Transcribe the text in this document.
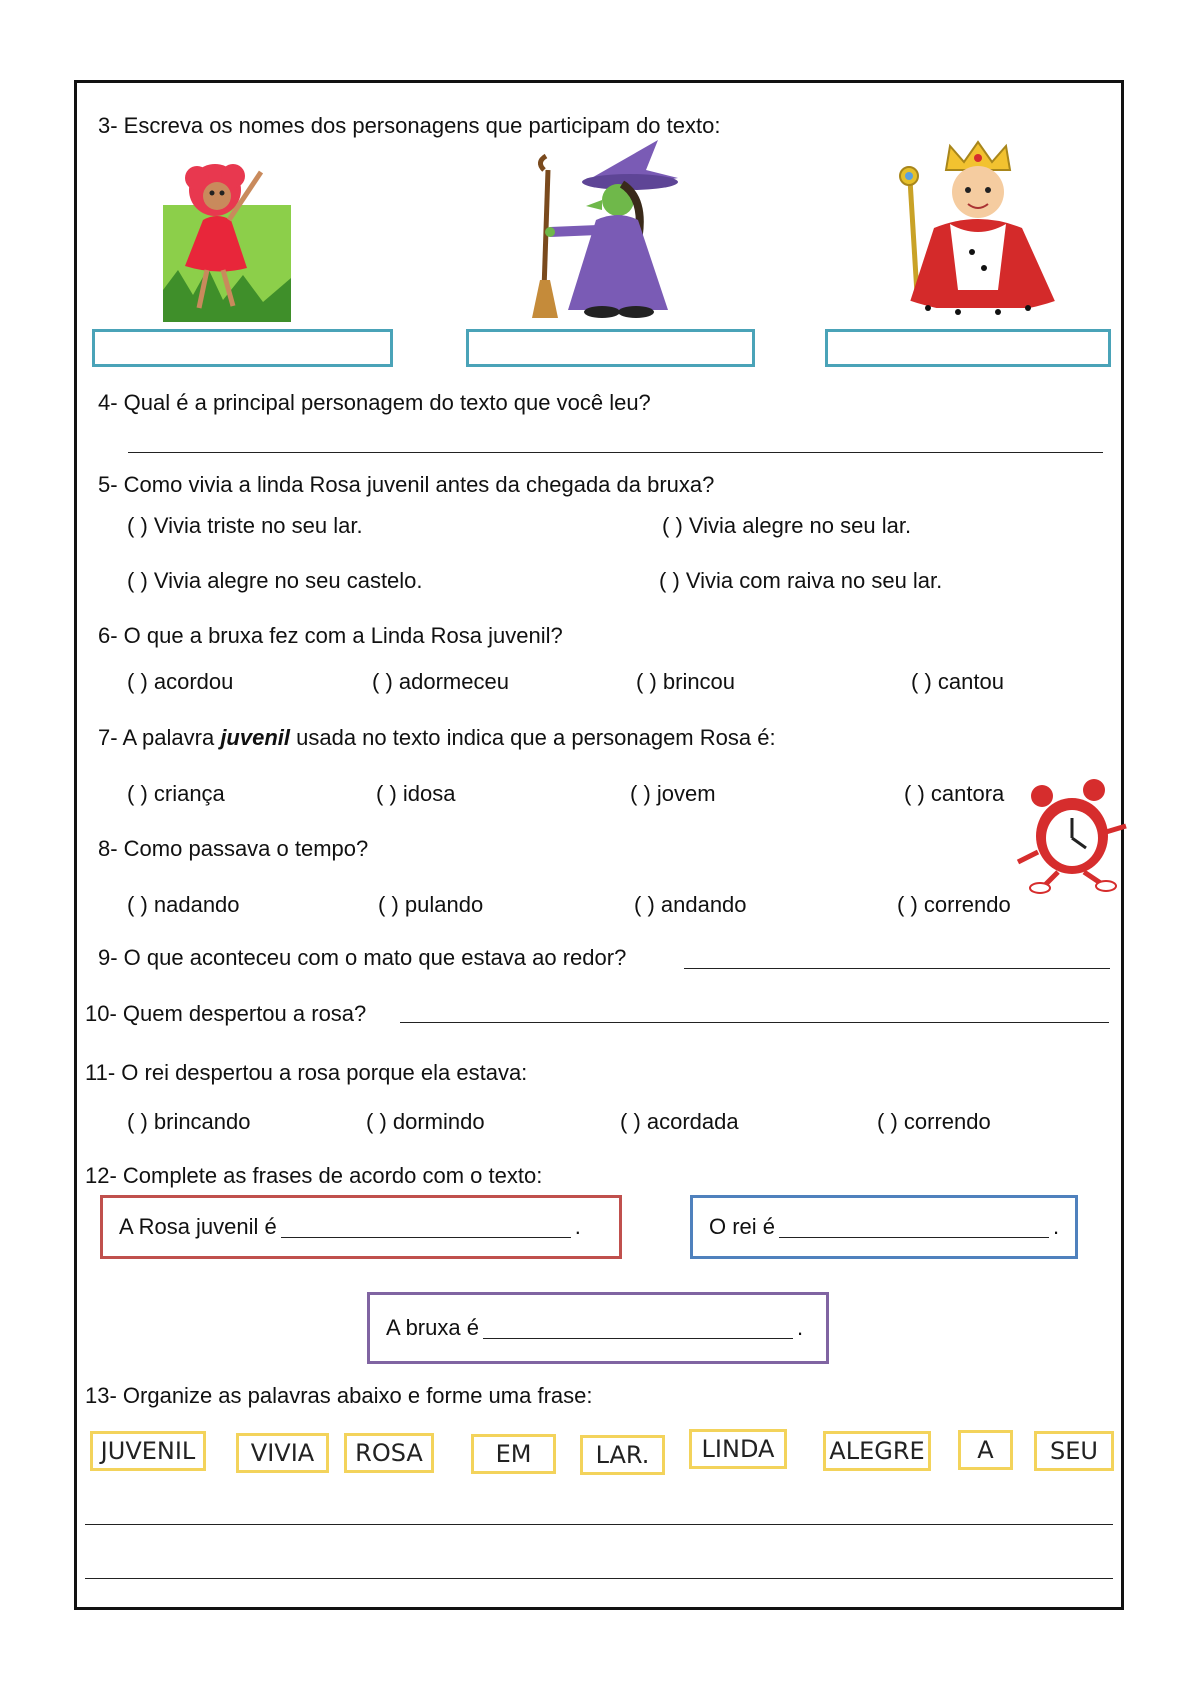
3- Escreva os nomes dos personagens que participam do texto:
4- Qual é a principal personagem do texto que você leu?
5- Como vivia a linda Rosa juvenil antes da chegada da bruxa?
( ) Vivia triste no seu lar.	( ) Vivia alegre no seu lar.
( ) Vivia alegre no seu castelo.	( ) Vivia com raiva no seu lar.
6- O que a bruxa fez com a Linda Rosa juvenil?
( ) acordou	( ) adormeceu	( ) brincou	( ) cantou
7- A palavra juvenil usada no texto indica que a personagem Rosa é:
( ) criança	( ) idosa	( ) jovem	( ) cantora
8- Como passava o tempo?
( ) nadando	( ) pulando	( ) andando	( ) correndo
9- O que aconteceu com o mato que estava ao redor?
10- Quem despertou a rosa?
11- O rei despertou a rosa porque ela estava:
( ) brincando	( ) dormindo	( ) acordada	( ) correndo
12- Complete as frases de acordo com o texto:
A Rosa juvenil é	.	O rei é	.
A bruxa é	.
13- Organize as palavras abaixo e forme uma frase:
JUVENIL	VIVIA	ROSA	EM	LAR.	LINDA	ALEGRE	A	SEU
